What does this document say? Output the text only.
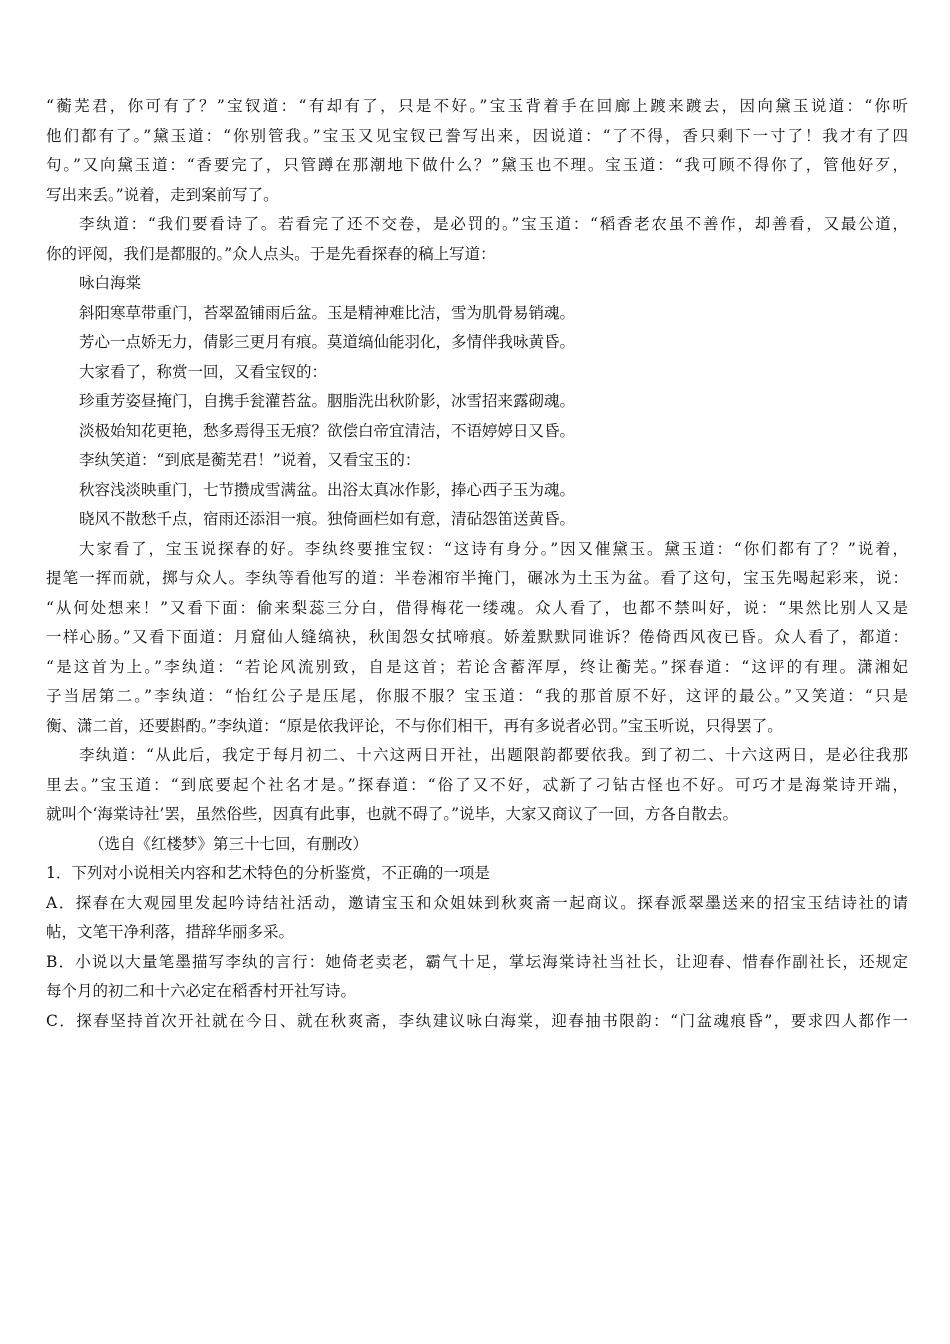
“蘅芜君，你可有了？”宝钗道：“有却有了，只是不好。”宝玉背着手在回廊上踱来踱去，因向黛玉说道：“你听
他们都有了。”黛玉道：“你别管我。”宝玉又见宝钗已誊写出来，因说道：“了不得，香只剩下一寸了！我才有了四
句。”又向黛玉道：“香要完了，只管蹲在那潮地下做什么？”黛玉也不理。宝玉道：“我可顾不得你了，管他好歹，
写出来丢。”说着，走到案前写了。
李纨道：“我们要看诗了。若看完了还不交卷，是必罚的。”宝玉道：“稻香老农虽不善作，却善看，又最公道，
你的评阅，我们是都服的。”众人点头。于是先看探春的稿上写道：
咏白海棠
斜阳寒草带重门，苔翠盈铺雨后盆。玉是精神难比洁，雪为肌骨易销魂。
芳心一点娇无力，倩影三更月有痕。莫道缟仙能羽化，多情伴我咏黄昏。
大家看了，称赏一回，又看宝钗的：
珍重芳姿昼掩门，自携手瓮灌苔盆。胭脂洗出秋阶影，冰雪招来露砌魂。
淡极始知花更艳，愁多焉得玉无痕？欲偿白帝宜清洁，不语婷婷日又昏。
李纨笑道：“到底是蘅芜君！”说着，又看宝玉的：
秋容浅淡映重门，七节攒成雪满盆。出浴太真冰作影，捧心西子玉为魂。
晓风不散愁千点，宿雨还添泪一痕。独倚画栏如有意，清砧怨笛送黄昏。
大家看了，宝玉说探春的好。李纨终要推宝钗：“这诗有身分。”因又催黛玉。黛玉道：“你们都有了？”说着，
提笔一挥而就，掷与众人。李纨等看他写的道：半卷湘帘半掩门，碾冰为土玉为盆。看了这句，宝玉先喝起彩来，说：
“从何处想来！”又看下面：偷来梨蕊三分白，借得梅花一缕魂。众人看了，也都不禁叫好，说：“果然比别人又是
一样心肠。”又看下面道：月窟仙人缝缟袂，秋闺怨女拭啼痕。娇羞默默同谁诉？倦倚西风夜已昏。众人看了，都道：
“是这首为上。”李纨道：“若论风流别致，自是这首；若论含蓄浑厚，终让蘅芜。”探春道：“这评的有理。潇湘妃
子当居第二。”李纨道：“怡红公子是压尾，你服不服？宝玉道：“我的那首原不好，这评的最公。”又笑道：“只是
衡、潇二首，还要斟酌。”李纨道：“原是依我评论，不与你们相干，再有多说者必罚。”宝玉听说，只得罢了。
李纨道：“从此后，我定于每月初二、十六这两日开社，出题限韵都要依我。到了初二、十六这两日，是必往我那
里去。”宝玉道：“到底要起个社名才是。”探春道：“俗了又不好，忒新了刁钻古怪也不好。可巧才是海棠诗开端，
就叫个‘海棠诗社’罢，虽然俗些，因真有此事，也就不碍了。”说毕，大家又商议了一回，方各自散去。
（选自《红楼梦》第三十七回，有删改）
1．下列对小说相关内容和艺术特色的分析鉴赏，不正确的一项是
A．探春在大观园里发起吟诗结社活动，邀请宝玉和众姐妹到秋爽斋一起商议。探春派翠墨送来的招宝玉结诗社的请
帖，文笔干净利落，措辞华丽多采。
B．小说以大量笔墨描写李纨的言行：她倚老卖老，霸气十足，掌坛海棠诗社当社长，让迎春、惜春作副社长，还规定
每个月的初二和十六必定在稻香村开社写诗。
C．探春坚持首次开社就在今日、就在秋爽斋，李纨建议咏白海棠，迎春抽书限韵：“门盆魂痕昏”，要求四人都作一
